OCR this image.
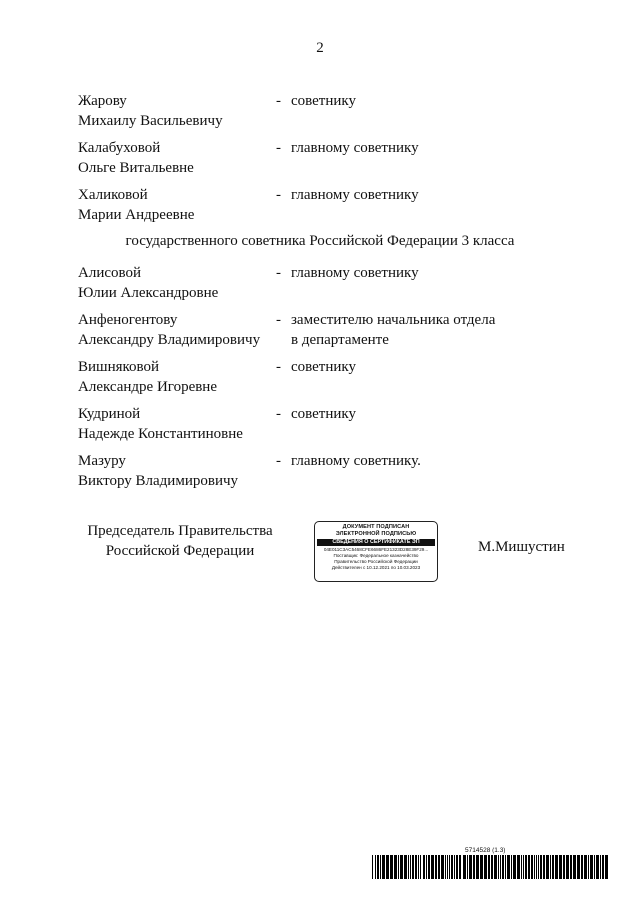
2
Жарову
Михаилу Васильевичу
- советнику
Калабуховой
Ольге Витальевне
- главному советнику
Халиковой
Марии Андреевне
- главному советнику
Алисовой
Юлии Александровне
- главному советнику
Анфеногентову
Александру Владимировичу
- заместителю начальника отдела
в департаменте
Вишняковой
Александре Игоревне
- советнику
Кудриной
Надежде Константиновне
- советнику
Мазуру
Виктору Владимировичу
- главному советнику.
государственного советника Российской Федерации 3 класса
Председатель Правительства
Российской Федерации
ДОКУМЕНТ ПОДПИСАН
ЭЛЕКТРОННОЙ ПОДПИСЬЮ
СВЕДЕНИЯ О СЕРТИФИКАТЕ ЭП
04E011C3AC5468CFE6686FE21323D28E39F29...
Поставщик: Федеральное казначейство
Правительство Российской Федерации
Действителен с 10.12.2021 по 10.03.2023
М.Мишустин
5714528 (1.3)
